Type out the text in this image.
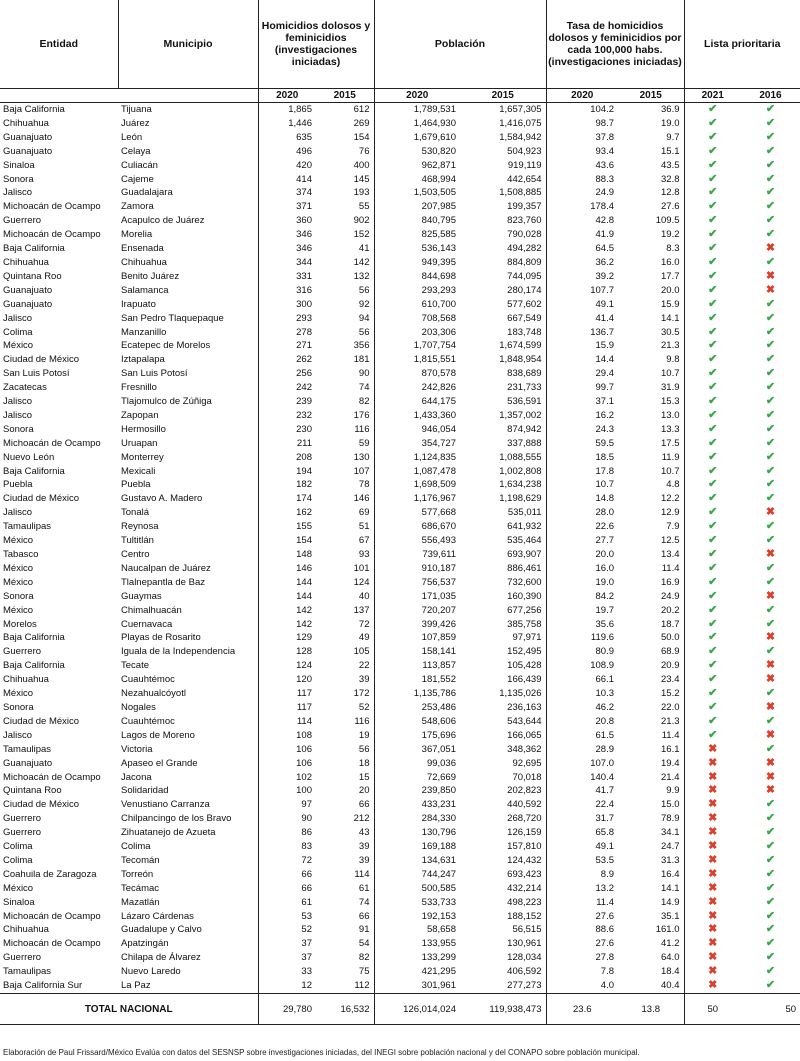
Entidad	Municipio	Homicidios dolosos y feminicidios (investigaciones iniciadas)		Población		Tasa de homicidios dolosos y feminicidios por cada 100,000 habs. (investigaciones iniciadas)		Lista prioritaria	
		2020	2015	2020	2015	2020	2015	2021	2016
Baja California	Tijuana	1,865	612	1,789,531	1,657,305	104.2	36.9	✔	✔
Chihuahua	Juárez	1,446	269	1,464,930	1,416,075	98.7	19.0	✔	✔
Guanajuato	León	635	154	1,679,610	1,584,942	37.8	9.7	✔	✔
Guanajuato	Celaya	496	76	530,820	504,923	93.4	15.1	✔	✔
Sinaloa	Culiacán	420	400	962,871	919,119	43.6	43.5	✔	✔
Sonora	Cajeme	414	145	468,994	442,654	88.3	32.8	✔	✔
Jalisco	Guadalajara	374	193	1,503,505	1,508,885	24.9	12.8	✔	✔
Michoacán de Ocampo	Zamora	371	55	207,985	199,357	178.4	27.6	✔	✔
Guerrero	Acapulco de Juárez	360	902	840,795	823,760	42.8	109.5	✔	✔
Michoacán de Ocampo	Morelia	346	152	825,585	790,028	41.9	19.2	✔	✔
Baja California	Ensenada	346	41	536,143	494,282	64.5	8.3	✔	✖
Chihuahua	Chihuahua	344	142	949,395	884,809	36.2	16.0	✔	✔
Quintana Roo	Benito Juárez	331	132	844,698	744,095	39.2	17.7	✔	✖
Guanajuato	Salamanca	316	56	293,293	280,174	107.7	20.0	✔	✖
Guanajuato	Irapuato	300	92	610,700	577,602	49.1	15.9	✔	✔
Jalisco	San Pedro Tlaquepaque	293	94	708,568	667,549	41.4	14.1	✔	✔
Colima	Manzanillo	278	56	203,306	183,748	136.7	30.5	✔	✔
México	Ecatepec de Morelos	271	356	1,707,754	1,674,599	15.9	21.3	✔	✔
Ciudad de México	Iztapalapa	262	181	1,815,551	1,848,954	14.4	9.8	✔	✔
San Luis Potosí	San Luis Potosí	256	90	870,578	838,689	29.4	10.7	✔	✔
Zacatecas	Fresnillo	242	74	242,826	231,733	99.7	31.9	✔	✔
Jalisco	Tlajomulco de Zúñiga	239	82	644,175	536,591	37.1	15.3	✔	✔
Jalisco	Zapopan	232	176	1,433,360	1,357,002	16.2	13.0	✔	✔
Sonora	Hermosillo	230	116	946,054	874,942	24.3	13.3	✔	✔
Michoacán de Ocampo	Uruapan	211	59	354,727	337,888	59.5	17.5	✔	✔
Nuevo León	Monterrey	208	130	1,124,835	1,088,555	18.5	11.9	✔	✔
Baja California	Mexicali	194	107	1,087,478	1,002,808	17.8	10.7	✔	✔
Puebla	Puebla	182	78	1,698,509	1,634,238	10.7	4.8	✔	✔
Ciudad de México	Gustavo A. Madero	174	146	1,176,967	1,198,629	14.8	12.2	✔	✔
Jalisco	Tonalá	162	69	577,668	535,011	28.0	12.9	✔	✖
Tamaulipas	Reynosa	155	51	686,670	641,932	22.6	7.9	✔	✔
México	Tultitlán	154	67	556,493	535,464	27.7	12.5	✔	✔
Tabasco	Centro	148	93	739,611	693,907	20.0	13.4	✔	✖
México	Naucalpan de Juárez	146	101	910,187	886,461	16.0	11.4	✔	✔
México	Tlalnepantla de Baz	144	124	756,537	732,600	19.0	16.9	✔	✔
Sonora	Guaymas	144	40	171,035	160,390	84.2	24.9	✔	✖
México	Chimalhuacán	142	137	720,207	677,256	19.7	20.2	✔	✔
Morelos	Cuernavaca	142	72	399,426	385,758	35.6	18.7	✔	✔
Baja California	Playas de Rosarito	129	49	107,859	97,971	119.6	50.0	✔	✖
Guerrero	Iguala de la Independencia	128	105	158,141	152,495	80.9	68.9	✔	✔
Baja California	Tecate	124	22	113,857	105,428	108.9	20.9	✔	✖
Chihuahua	Cuauhtémoc	120	39	181,552	166,439	66.1	23.4	✔	✖
México	Nezahualcóyotl	117	172	1,135,786	1,135,026	10.3	15.2	✔	✔
Sonora	Nogales	117	52	253,486	236,163	46.2	22.0	✔	✖
Ciudad de México	Cuauhtémoc	114	116	548,606	543,644	20.8	21.3	✔	✔
Jalisco	Lagos de Moreno	108	19	175,696	166,065	61.5	11.4	✔	✖
Tamaulipas	Victoria	106	56	367,051	348,362	28.9	16.1	✖	✔
Guanajuato	Apaseo el Grande	106	18	99,036	92,695	107.0	19.4	✖	✖
Michoacán de Ocampo	Jacona	102	15	72,669	70,018	140.4	21.4	✖	✖
Quintana Roo	Solidaridad	100	20	239,850	202,823	41.7	9.9	✖	✖
Ciudad de México	Venustiano Carranza	97	66	433,231	440,592	22.4	15.0	✖	✔
Guerrero	Chilpancingo de los Bravo	90	212	284,330	268,720	31.7	78.9	✖	✔
Guerrero	Zihuatanejo de Azueta	86	43	130,796	126,159	65.8	34.1	✖	✔
Colima	Colima	83	39	169,188	157,810	49.1	24.7	✖	✔
Colima	Tecomán	72	39	134,631	124,432	53.5	31.3	✖	✔
Coahuila de Zaragoza	Torreón	66	114	744,247	693,423	8.9	16.4	✖	✔
México	Tecámac	66	61	500,585	432,214	13.2	14.1	✖	✔
Sinaloa	Mazatlán	61	74	533,733	498,223	11.4	14.9	✖	✔
Michoacán de Ocampo	Lázaro Cárdenas	53	66	192,153	188,152	27.6	35.1	✖	✔
Chihuahua	Guadalupe y Calvo	52	91	58,658	56,515	88.6	161.0	✖	✔
Michoacán de Ocampo	Apatzingán	37	54	133,955	130,961	27.6	41.2	✖	✔
Guerrero	Chilapa de Álvarez	37	82	133,299	128,034	27.8	64.0	✖	✔
Tamaulipas	Nuevo Laredo	33	75	421,295	406,592	7.8	18.4	✖	✔
Baja California Sur	La Paz	12	112	301,961	277,273	4.0	40.4	✖	✔
TOTAL NACIONAL		29,780	16,532	126,014,024	119,938,473	23.6	13.8	50	50
Elaboración de Paul Frissard/México Evalúa con datos del SESNSP sobre investigaciones iniciadas, del INEGI sobre población nacional y del CONAPO sobre población municipal.
